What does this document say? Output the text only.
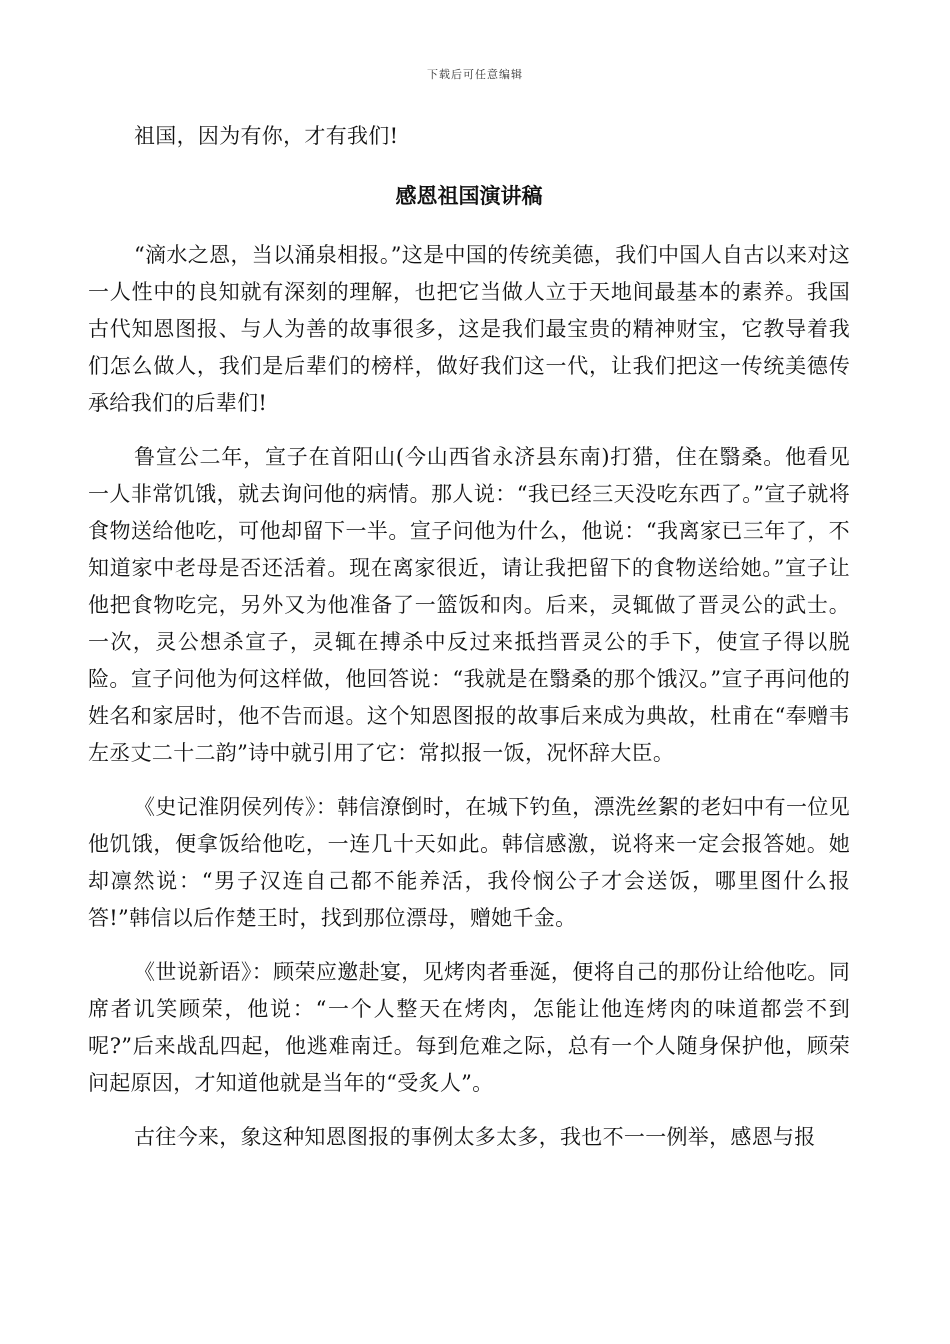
下载后可任意编辑

祖国，因为有你，才有我们!

感恩祖国演讲稿

“滴水之恩，当以涌泉相报。”这是中国的传统美德，我们中国人自古以来对这一人性中的良知就有深刻的理解，也把它当做人立于天地间最基本的素养。我国古代知恩图报、与人为善的故事很多，这是我们最宝贵的精神财宝，它教导着我们怎么做人，我们是后辈们的榜样，做好我们这一代，让我们把这一传统美德传承给我们的后辈们!

鲁宣公二年，宣子在首阳山(今山西省永济县东南)打猎，住在翳桑。他看见一人非常饥饿，就去询问他的病情。那人说：“我已经三天没吃东西了。”宣子就将食物送给他吃，可他却留下一半。宣子问他为什么，他说：“我离家已三年了，不知道家中老母是否还活着。现在离家很近，请让我把留下的食物送给她。”宣子让他把食物吃完，另外又为他准备了一篮饭和肉。后来，灵辄做了晋灵公的武士。一次，灵公想杀宣子，灵辄在搏杀中反过来抵挡晋灵公的手下，使宣子得以脱险。宣子问他为何这样做，他回答说：“我就是在翳桑的那个饿汉。”宣子再问他的姓名和家居时，他不告而退。这个知恩图报的故事后来成为典故，杜甫在“奉赠韦左丞丈二十二韵”诗中就引用了它：常拟报一饭，况怀辞大臣。

《史记淮阴侯列传》：韩信潦倒时，在城下钓鱼，漂洗丝絮的老妇中有一位见他饥饿，便拿饭给他吃，一连几十天如此。韩信感激，说将来一定会报答她。她却凛然说：“男子汉连自己都不能养活，我伶悯公子才会送饭，哪里图什么报答!”韩信以后作楚王时，找到那位漂母，赠她千金。

《世说新语》：顾荣应邀赴宴，见烤肉者垂涎，便将自己的那份让给他吃。同席者讥笑顾荣，他说：“一个人整天在烤肉，怎能让他连烤肉的味道都尝不到呢?”后来战乱四起，他逃难南迁。每到危难之际，总有一个人随身保护他，顾荣问起原因，才知道他就是当年的“受炙人”。

古往今来，象这种知恩图报的事例太多太多，我也不一一例举，感恩与报
